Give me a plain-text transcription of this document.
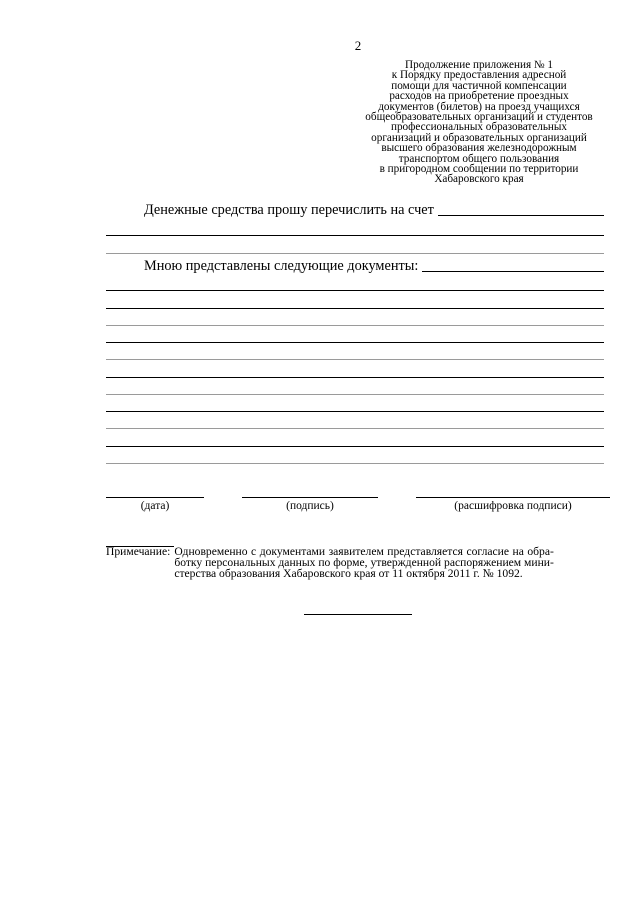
2
Продолжение приложения № 1
к Порядку предоставления адресной
помощи для частичной компенсации
расходов на приобретение проездных
документов (билетов) на проезд учащихся
общеобразовательных организаций и студентов
профессиональных образовательных
организаций и образовательных организаций
высшего образования железнодорожным
транспортом общего пользования
в пригородном сообщении по территории
Хабаровского края
Денежные средства прошу перечислить на счет
Мною представлены следующие документы:
(дата)	(подпись)	(расшифровка подписи)
Примечание: Одновременно с документами заявителем представляется согласие на обра-
ботку персональных данных по форме, утвержденной распоряжением мини-
стерства образования Хабаровского края от 11 октября 2011 г. № 1092.
